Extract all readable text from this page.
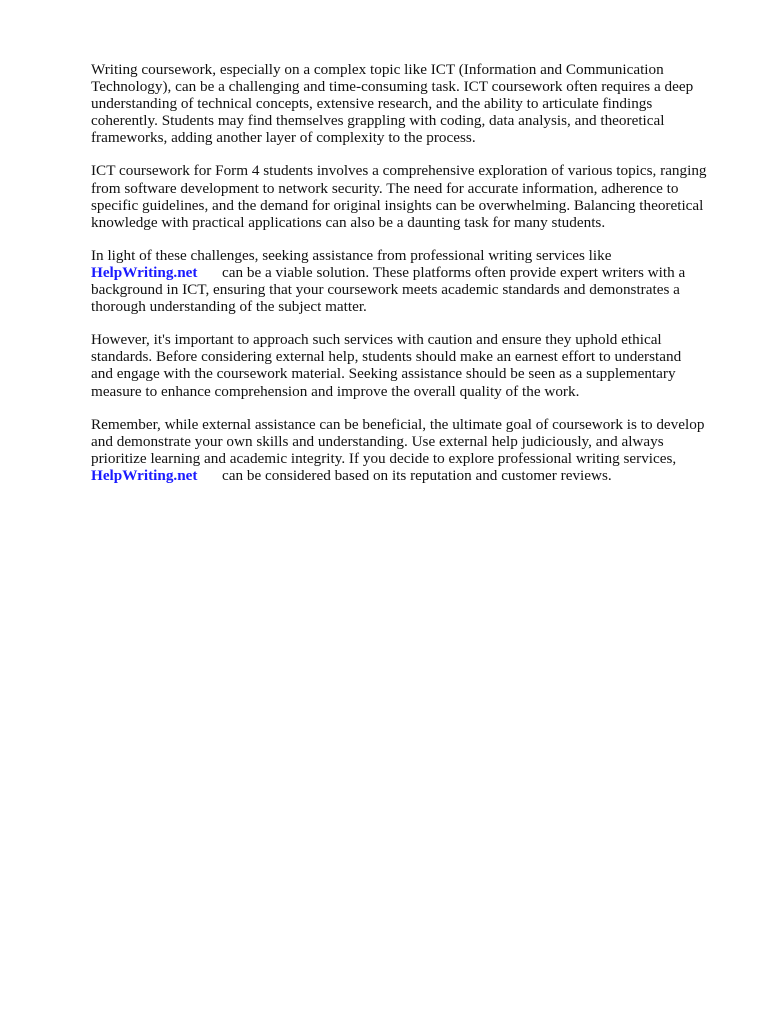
Writing coursework, especially on a complex topic like ICT (Information and Communication
Technology), can be a challenging and time-consuming task. ICT coursework often requires a deep
understanding of technical concepts, extensive research, and the ability to articulate findings
coherently. Students may find themselves grappling with coding, data analysis, and theoretical
frameworks, adding another layer of complexity to the process.

ICT coursework for Form 4 students involves a comprehensive exploration of various topics, ranging
from software development to network security. The need for accurate information, adherence to
specific guidelines, and the demand for original insights can be overwhelming. Balancing theoretical
knowledge with practical applications can also be a daunting task for many students.

In light of these challenges, seeking assistance from professional writing services like
HelpWriting.net can be a viable solution. These platforms often provide expert writers with a
background in ICT, ensuring that your coursework meets academic standards and demonstrates a
thorough understanding of the subject matter.

However, it's important to approach such services with caution and ensure they uphold ethical
standards. Before considering external help, students should make an earnest effort to understand
and engage with the coursework material. Seeking assistance should be seen as a supplementary
measure to enhance comprehension and improve the overall quality of the work.

Remember, while external assistance can be beneficial, the ultimate goal of coursework is to develop
and demonstrate your own skills and understanding. Use external help judiciously, and always
prioritize learning and academic integrity. If you decide to explore professional writing services,
HelpWriting.net can be considered based on its reputation and customer reviews.
